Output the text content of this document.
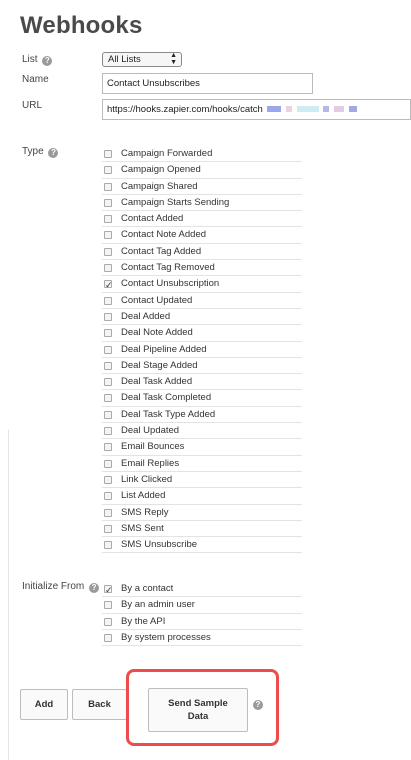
Webhooks
List ?	All Lists	▲
▼
Name	Contact Unsubscribes
URL	https://hooks.zapier.com/hooks/catch
Type ?	Campaign Forwarded
Campaign Opened
Campaign Shared
Campaign Starts Sending
Contact Added
Contact Note Added
Contact Tag Added
Contact Tag Removed
✓
Contact Unsubscription
Contact Updated
Deal Added
Deal Note Added
Deal Pipeline Added
Deal Stage Added
Deal Task Added
Deal Task Completed
Deal Task Type Added
Deal Updated
Email Bounces
Email Replies
Link Clicked
List Added
SMS Reply
SMS Sent
SMS Unsubscribe
Initialize From ?
✓	By a contact
By an admin user
By the API
By system processes
Add	Back	Send Sample Data
?
